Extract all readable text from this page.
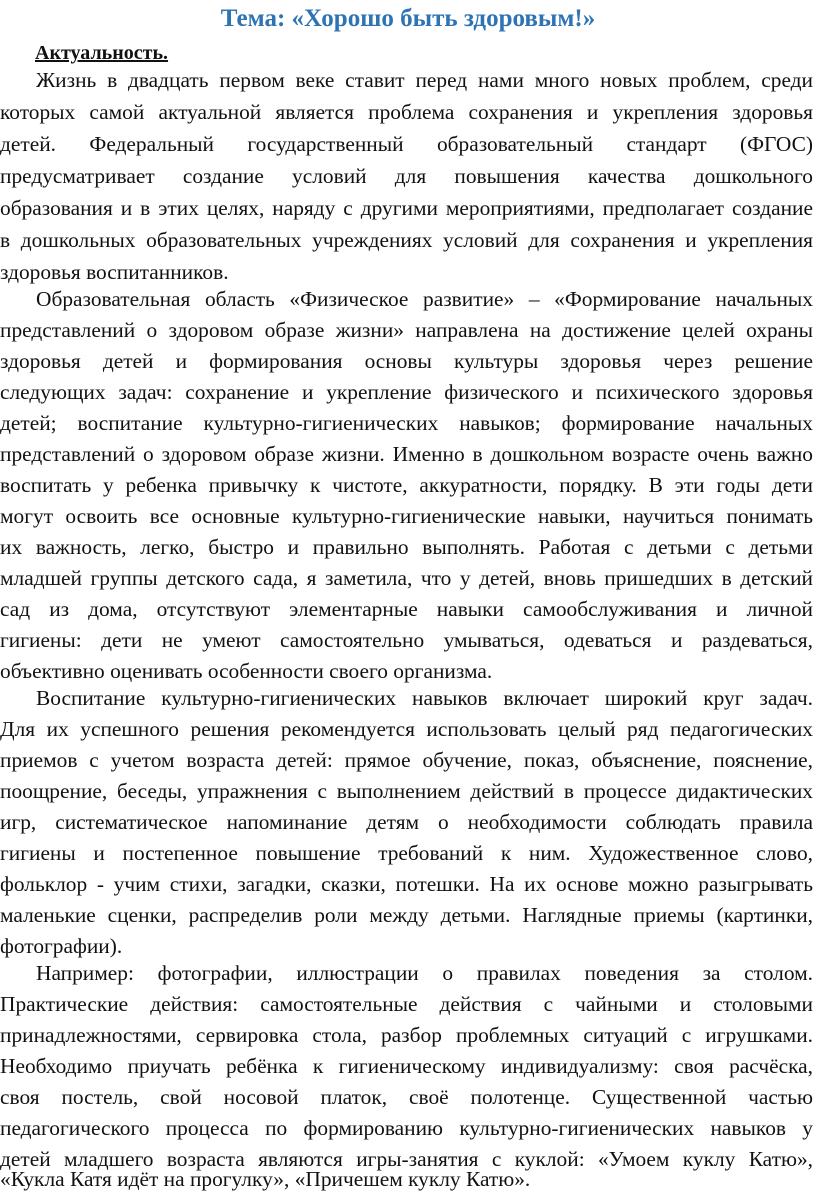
Тема: «Хорошо быть здоровым!»
Актуальность.
Жизнь в двадцать первом веке ставит перед нами много новых проблем, среди
которых самой актуальной является проблема сохранения и укрепления здоровья
детей. Федеральный государственный образовательный стандарт (ФГОС)
предусматривает создание условий для повышения качества дошкольного
образования и в этих целях, наряду с другими мероприятиями, предполагает создание
в дошкольных образовательных учреждениях условий для сохранения и укрепления
здоровья воспитанников.
Образовательная область «Физическое развитие» – «Формирование начальных
представлений о здоровом образе жизни» направлена на достижение целей охраны
здоровья детей и формирования основы культуры здоровья через решение
следующих задач: сохранение и укрепление физического и психического здоровья
детей; воспитание культурно-гигиенических навыков; формирование начальных
представлений о здоровом образе жизни. Именно в дошкольном возрасте очень важно
воспитать у ребенка привычку к чистоте, аккуратности, порядку. В эти годы дети
могут освоить все основные культурно-гигиенические навыки, научиться понимать
их важность, легко, быстро и правильно выполнять. Работая с детьми с детьми
младшей группы детского сада, я заметила, что у детей, вновь пришедших в детский
сад из дома, отсутствуют элементарные навыки самообслуживания и личной
гигиены: дети не умеют самостоятельно умываться, одеваться и раздеваться,
объективно оценивать особенности своего организма.
Воспитание культурно-гигиенических навыков включает широкий круг задач.
Для их успешного решения рекомендуется использовать целый ряд педагогических
приемов с учетом возраста детей: прямое обучение, показ, объяснение, пояснение,
поощрение, беседы, упражнения с выполнением действий в процессе дидактических
игр, систематическое напоминание детям о необходимости соблюдать правила
гигиены и постепенное повышение требований к ним. Художественное слово,
фольклор - учим стихи, загадки, сказки, потешки. На их основе можно разыгрывать
маленькие сценки, распределив роли между детьми. Наглядные приемы (картинки,
фотографии).
Например: фотографии, иллюстрации о правилах поведения за столом.
Практические действия: самостоятельные действия с чайными и столовыми
принадлежностями, сервировка стола, разбор проблемных ситуаций с игрушками.
Необходимо приучать ребёнка к гигиеническому индивидуализму: своя расчёска,
своя постель, свой носовой платок, своё полотенце. Существенной частью
педагогического процесса по формированию культурно-гигиенических навыков у
детей младшего возраста являются игры-занятия с куклой: «Умоем куклу Катю»,
«Кукла Катя идёт на прогулку», «Причешем куклу Катю».
